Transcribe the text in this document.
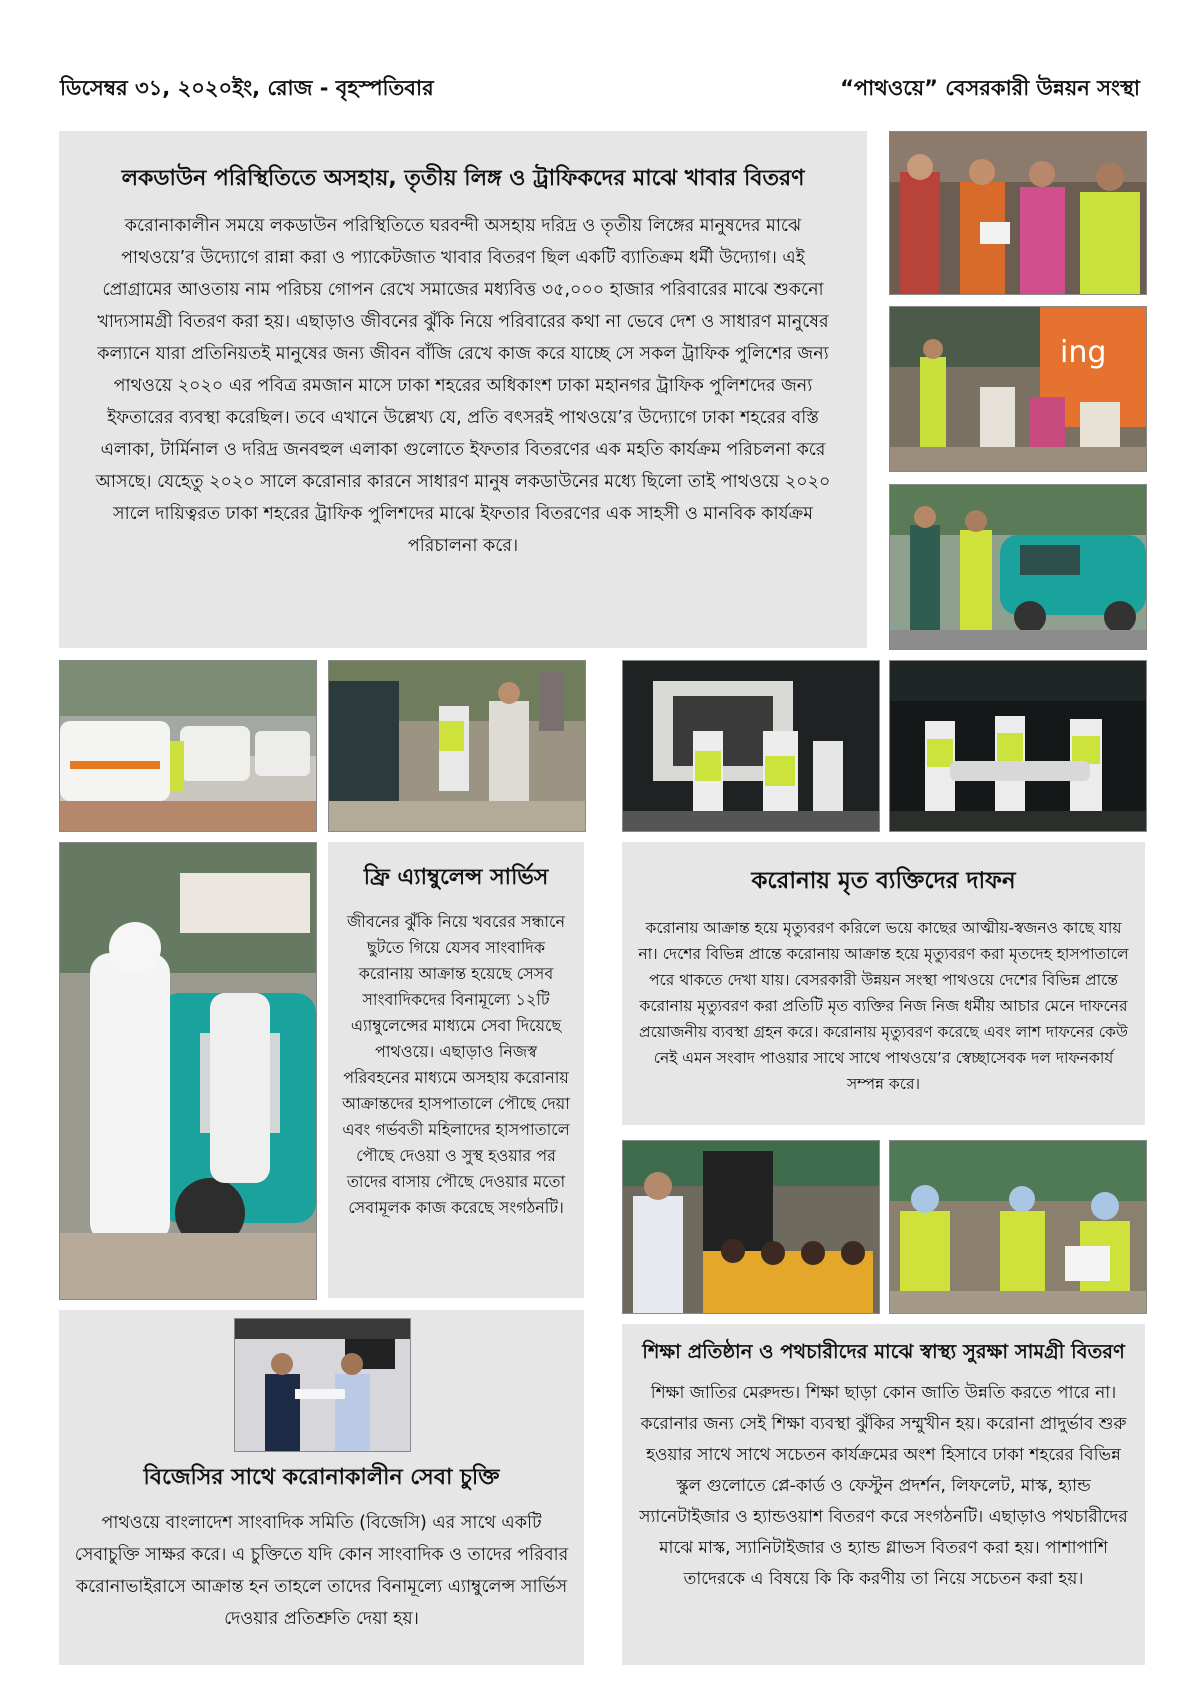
ডিসেম্বর ৩১, ২০২০ইং, রোজ - বৃহস্পতিবার	“পাথওয়ে” বেসরকারী উন্নয়ন সংস্থা
লকডাউন পরিস্থিতিতে অসহায়, তৃতীয় লিঙ্গ ও ট্রাফিকদের মাঝে খাবার বিতরণ

করোনাকালীন সময়ে লকডাউন পরিস্থিতিতে ঘরবন্দী অসহায় দরিদ্র ও তৃতীয় লিঙ্গের মানুষদের মাঝে পাথওয়ে’র উদ্যোগে রান্না করা ও প্যাকেটজাত খাবার বিতরণ ছিল একটি ব্যাতিক্রম ধর্মী উদ্যোগ। এই প্রোগ্রামের আওতায় নাম পরিচয় গোপন রেখে সমাজের মধ্যবিত্ত ৩৫,০০০ হাজার পরিবারের মাঝে শুকনো খাদ্যসামগ্রী বিতরণ করা হয়। এছাড়াও জীবনের ঝুঁকি নিয়ে পরিবারের কথা না ভেবে দেশ ও সাধারণ মানুষের কল্যানে যারা প্রতিনিয়তই মানুষের জন্য জীবন বাঁজি রেখে কাজ করে যাচ্ছে সে সকল ট্রাফিক পুলিশের জন্য পাথওয়ে ২০২০ এর পবিত্র রমজান মাসে ঢাকা শহরের অধিকাংশ ঢাকা মহানগর ট্রাফিক পুলিশদের জন্য ইফতারের ব্যবস্থা করেছিল। তবে এখানে উল্লেখ্য যে, প্রতি বৎসরই পাথওয়ে’র উদ্যোগে ঢাকা শহরের বস্তি এলাকা, টার্মিনাল ও দরিদ্র জনবহুল এলাকা গুলোতে ইফতার বিতরণের এক মহতি কার্যক্রম পরিচলনা করে আসছে। যেহেতু ২০২০ সালে করোনার কারনে সাধারণ মানুষ লকডাউনের মধ্যে ছিলো তাই পাথওয়ে ২০২০ সালে দায়িত্বরত ঢাকা শহরের ট্রাফিক পুলিশদের মাঝে ইফতার বিতরণের এক সাহসী ও মানবিক কার্যক্রম পরিচালনা করে।

ing
ফ্রি এ্যাম্বুলেন্স সার্ভিস

জীবনের ঝুঁকি নিয়ে খবরের সন্ধানে ছুটতে গিয়ে যেসব সাংবাদিক করোনায় আক্রান্ত হয়েছে সেসব সাংবাদিকদের বিনামূল্যে ১২টি এ্যাম্বুলেন্সের মাধ্যমে সেবা দিয়েছে পাথওয়ে। এছাড়াও নিজস্ব পরিবহনের মাধ্যমে অসহায় করোনায় আক্রান্তদের হাসপাতালে পৌছে দেয়া এবং গর্ভবতী মহিলাদের হাসপাতালে পৌছে দেওয়া ও সুস্থ হওয়ার পর তাদের বাসায় পৌছে দেওয়ার মতো সেবামূলক কাজ করেছে সংগঠনটি।

করোনায় মৃত ব্যক্তিদের দাফন

করোনায় আক্রান্ত হয়ে মৃত্যুবরণ করিলে ভয়ে কাছের আত্মীয়-স্বজনও কাছে যায় না। দেশের বিভিন্ন প্রান্তে করোনায় আক্রান্ত হয়ে মৃত্যুবরণ করা মৃতদেহ হাসপাতালে পরে থাকতে দেখা যায়। বেসরকারী উন্নয়ন সংস্থা পাথওয়ে দেশের বিভিন্ন প্রান্তে করোনায় মৃত্যুবরণ করা প্রতিটি মৃত ব্যক্তির নিজ নিজ ধর্মীয় আচার মেনে দাফনের প্রয়োজনীয় ব্যবস্থা গ্রহন করে। করোনায় মৃত্যুবরণ করেছে এবং লাশ দাফনের কেউ নেই এমন সংবাদ পাওয়ার সাথে সাথে পাথওয়ে’র স্বেচ্ছাসেবক দল দাফনকার্য সম্পন্ন করে।

বিজেসির সাথে করোনাকালীন সেবা চুক্তি

পাথওয়ে বাংলাদেশ সাংবাদিক সমিতি (বিজেসি) এর সাথে একটি সেবাচুক্তি সাক্ষর করে। এ চুক্তিতে যদি কোন সাংবাদিক ও তাদের পরিবার করোনাভাইরাসে আক্রান্ত হন তাহলে তাদের বিনামূল্যে এ্যাম্বুলেন্স সার্ভিস দেওয়ার প্রতিশ্রুতি দেয়া হয়।

শিক্ষা প্রতিষ্ঠান ও পথচারীদের মাঝে স্বাস্থ্য সুরক্ষা সামগ্রী বিতরণ

শিক্ষা জাতির মেরুদন্ড। শিক্ষা ছাড়া কোন জাতি উন্নতি করতে পারে না। করোনার জন্য সেই শিক্ষা ব্যবস্থা ঝুঁকির সম্মুখীন হয়। করোনা প্রাদুর্ভাব শুরু হওয়ার সাথে সাথে সচেতন কার্যক্রমের অংশ হিসাবে ঢাকা শহরের বিভিন্ন স্কুল গুলোতে প্লে-কার্ড ও ফেস্টুন প্রদর্শন, লিফলেট, মাস্ক, হ্যান্ড স্যানেটাইজার ও হ্যান্ডওয়াশ বিতরণ করে সংগঠনটি। এছাড়াও পথচারীদের মাঝে মাস্ক, স্যানিটাইজার ও হ্যান্ড গ্লাভস বিতরণ করা হয়। পাশাপাশি তাদেরকে এ বিষয়ে কি কি করণীয় তা নিয়ে সচেতন করা হয়।
